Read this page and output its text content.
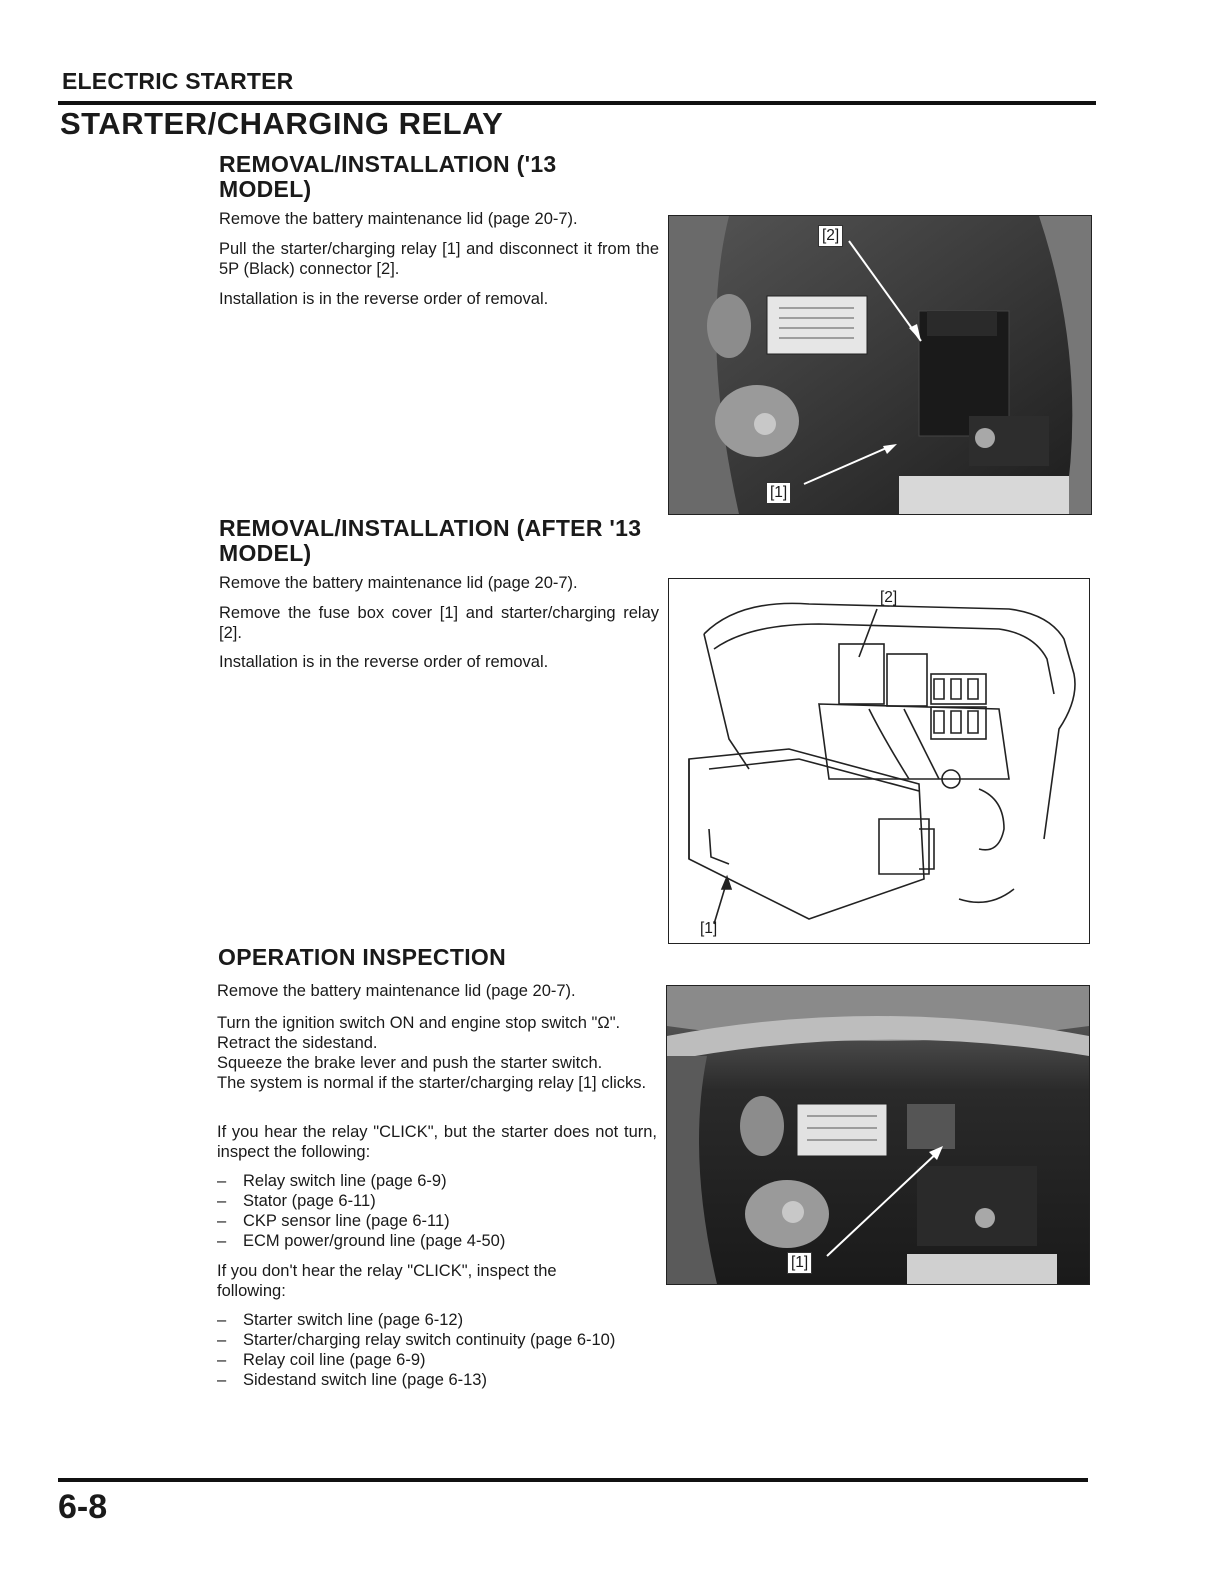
ELECTRIC STARTER
STARTER/CHARGING RELAY
REMOVAL/INSTALLATION ('13 MODEL)

Remove the battery maintenance lid (page 20-7).

Pull the starter/charging relay [1] and disconnect it from the 5P (Black) connector [2].

Installation is in the reverse order of removal.

[2]
[1]
REMOVAL/INSTALLATION (AFTER '13 MODEL)

Remove the battery maintenance lid (page 20-7).

Remove the fuse box cover [1] and starter/charging relay [2].

Installation is in the reverse order of removal.

[2]
[1]
OPERATION INSPECTION

Remove the battery maintenance lid (page 20-7).

Turn the ignition switch ON and engine stop switch "Ω".

Retract the sidestand.

Squeeze the brake lever and push the starter switch.

The system is normal if the starter/charging relay [1] clicks.

If you hear the relay "CLICK", but the starter does not turn, inspect the following:

– Relay switch line (page 6-9)
– Stator (page 6-11)
– CKP sensor line (page 6-11)
– ECM power/ground line (page 4-50)

If you don't hear the relay "CLICK", inspect the following:

– Starter switch line (page 6-12)
– Starter/charging relay switch continuity (page 6-10)
– Relay coil line (page 6-9)
– Sidestand switch line (page 6-13)
[1]
6-8
